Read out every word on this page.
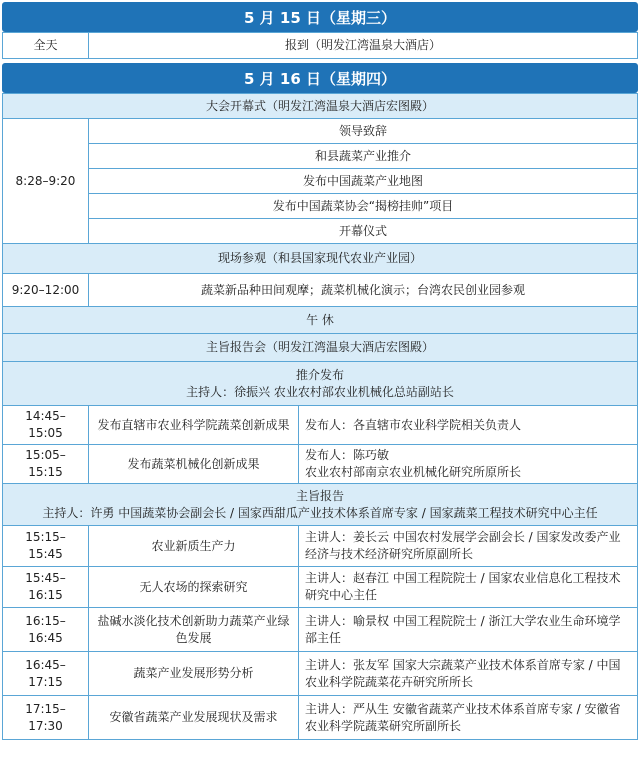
5 月 15 日（星期三）
全天	报到（明发江湾温泉大酒店）
5 月 16 日（星期四）
大会开幕式（明发江湾温泉大酒店宏图殿）		
8:28–9:20	领导致辞	
	和县蔬菜产业推介	
	发布中国蔬菜产业地图	
	发布中国蔬菜协会“揭榜挂帅”项目	
	开幕仪式	
现场参观（和县国家现代农业产业园）		
9:20–12:00	蔬菜新品种田间观摩；蔬菜机械化演示；台湾农民创业园参观	
午 休		
主旨报告会（明发江湾温泉大酒店宏图殿）		

推介发布
主持人：徐振兴 农业农村部农业机械化总站副站长		

14:45–15:05	发布直辖市农业科学院蔬菜创新成果	发布人：各直辖市农业科学院相关负责人
15:05–15:15	发布蔬菜机械化创新成果	发布人：陈巧敏
农业农村部南京农业机械化研究所原所长

主旨报告
主持人：许勇 中国蔬菜协会副会长 / 国家西甜瓜产业技术体系首席专家 / 国家蔬菜工程技术研究中心主任		

15:15–15:45	农业新质生产力	主讲人：姜长云 中国农村发展学会副会长 / 国家发改委产业经济与技术经济研究所原副所长
15:45–16:15	无人农场的探索研究	主讲人：赵春江 中国工程院院士 / 国家农业信息化工程技术研究中心主任
16:15–16:45	盐碱水淡化技术创新助力蔬菜产业绿色发展	主讲人：喻景权 中国工程院院士 / 浙江大学农业生命环境学部主任
16:45–17:15	蔬菜产业发展形势分析	主讲人：张友军 国家大宗蔬菜产业技术体系首席专家 / 中国农业科学院蔬菜花卉研究所所长
17:15–17:30	安徽省蔬菜产业发展现状及需求	主讲人：严从生 安徽省蔬菜产业技术体系首席专家 / 安徽省农业科学院蔬菜研究所副所长
